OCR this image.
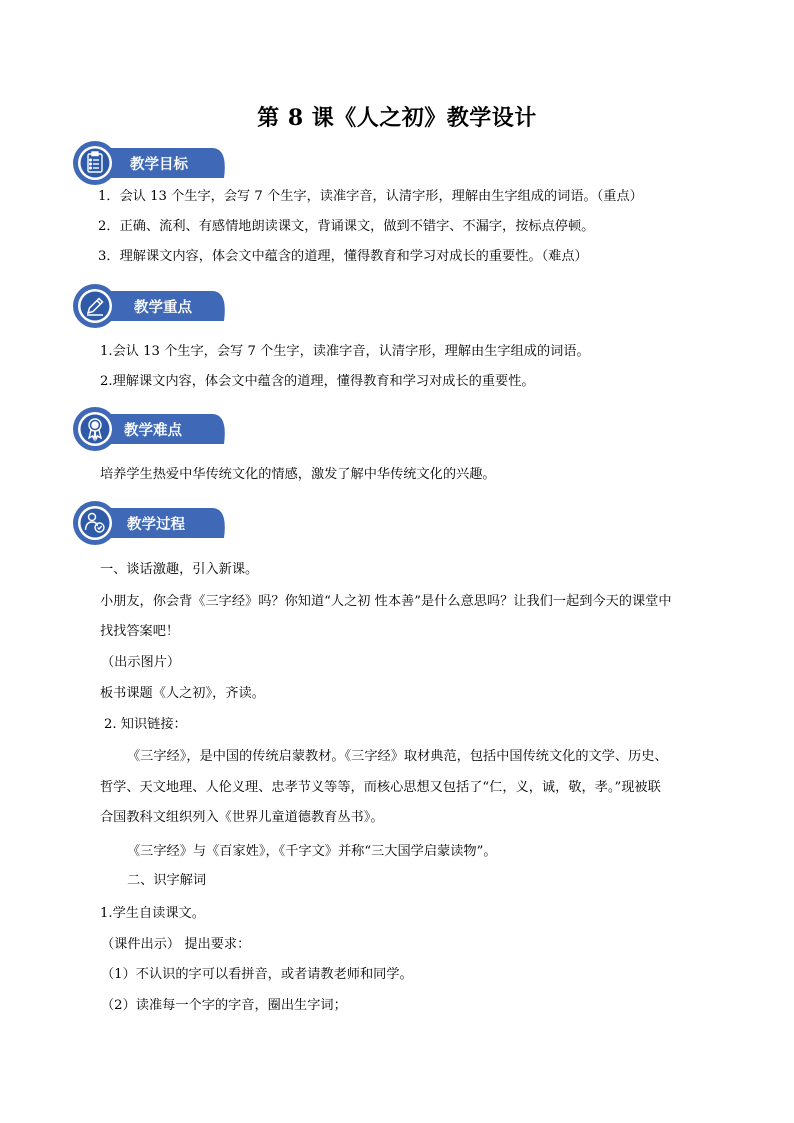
第 8 课《人之初》教学设计
教学目标
1．会认 13 个生字，会写 7 个生字，读准字音，认清字形，理解由生字组成的词语。（重点）
2．正确、流利、有感情地朗读课文，背诵课文，做到不错字、不漏字，按标点停顿。
3．理解课文内容，体会文中蕴含的道理，懂得教育和学习对成长的重要性。（难点）
教学重点
1.会认 13 个生字，会写 7 个生字，读准字音，认清字形，理解由生字组成的词语。
2.理解课文内容，体会文中蕴含的道理，懂得教育和学习对成长的重要性。
教学难点
培养学生热爱中华传统文化的情感，激发了解中华传统文化的兴趣。
教学过程
一、谈话激趣，引入新课。
小朋友，你会背《三字经》吗？你知道“人之初 性本善”是什么意思吗？让我们一起到今天的课堂中
找找答案吧！
（出示图片）
板书课题《人之初》，齐读。
2. 知识链接：
《三字经》，是中国的传统启蒙教材。《三字经》取材典范，包括中国传统文化的文学、历史、
哲学、天文地理、人伦义理、忠孝节义等等，而核心思想又包括了“仁，义，诚，敬，孝。”现被联
合国教科文组织列入《世界儿童道德教育丛书》。
《三字经》与《百家姓》，《千字文》并称“三大国学启蒙读物”。
二、识字解词
1.学生自读课文。
（课件出示） 提出要求：
（1）不认识的字可以看拼音，或者请教老师和同学。
（2）读准每一个字的字音，圈出生字词；
